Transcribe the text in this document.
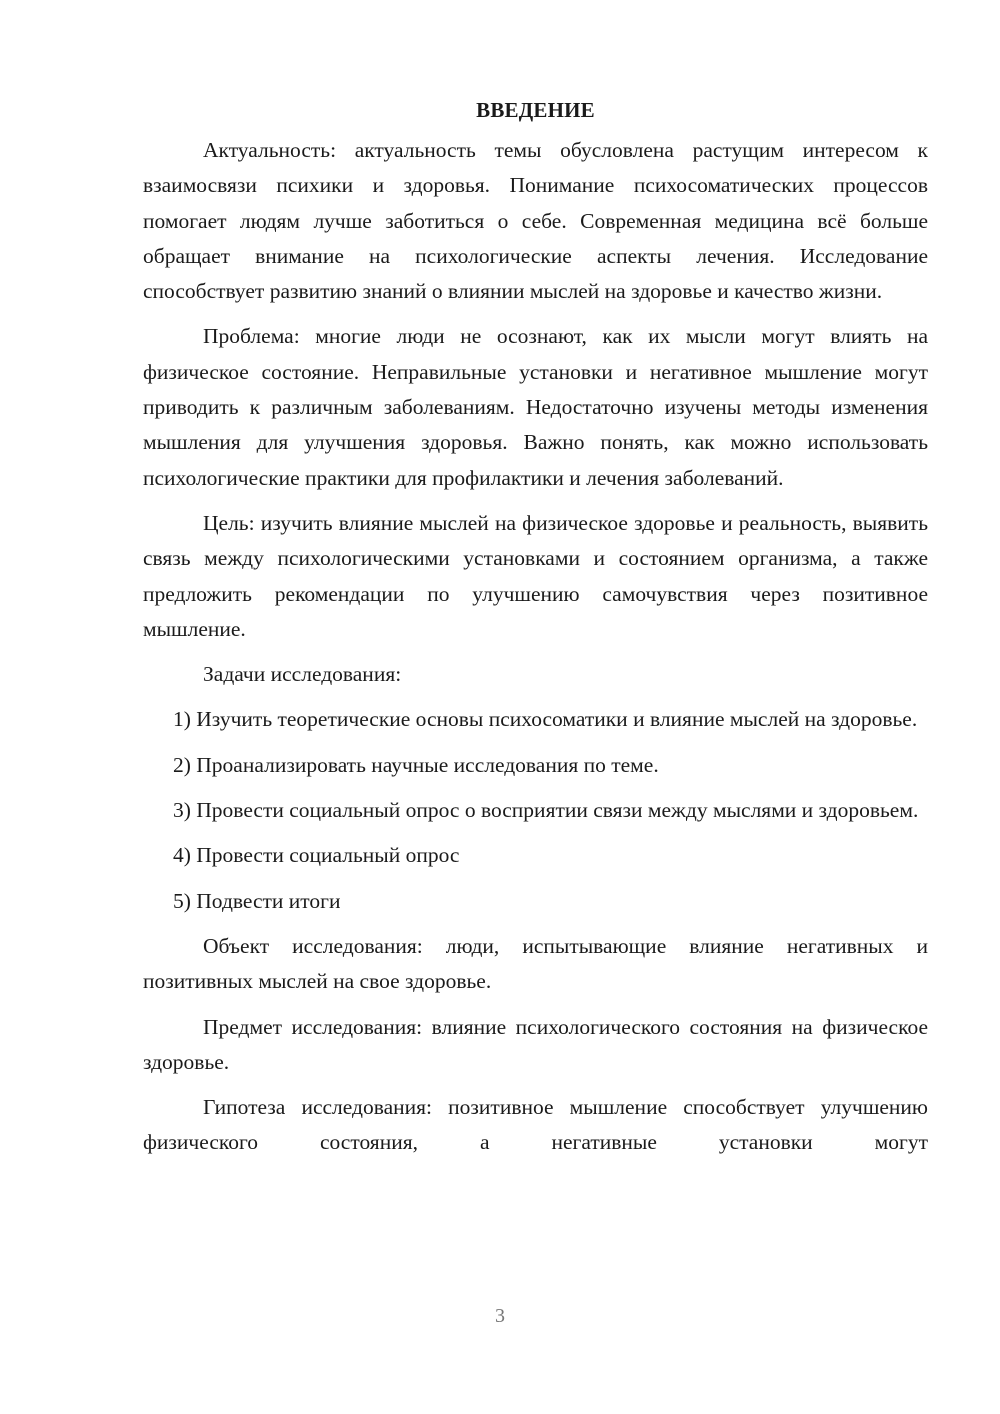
ВВЕДЕНИЕ

Актуальность: актуальность темы обусловлена растущим интересом к взаимосвязи психики и здоровья. Понимание психосоматических процессов помогает людям лучше заботиться о себе. Современная медицина всё больше обращает внимание на психологические аспекты лечения. Исследование способствует развитию знаний о влиянии мыслей на здоровье и качество жизни.

Проблема: многие люди не осознают, как их мысли могут влиять на физическое состояние. Неправильные установки и негативное мышление могут приводить к различным заболеваниям. Недостаточно изучены методы изменения мышления для улучшения здоровья. Важно понять, как можно использовать психологические практики для профилактики и лечения заболеваний.

Цель: изучить влияние мыслей на физическое здоровье и реальность, выявить связь между психологическими установками и состоянием организма, а также предложить рекомендации по улучшению самочувствия через позитивное мышление.

Задачи исследования:

1) Изучить теоретические основы психосоматики и влияние мыслей на здоровье.

2) Проанализировать научные исследования по теме.

3) Провести социальный опрос о восприятии связи между мыслями и здоровьем.

4) Провести социальный опрос

5) Подвести итоги

Объект исследования: люди, испытывающие влияние негативных и позитивных мыслей на свое здоровье.

Предмет исследования: влияние психологического состояния на физическое здоровье.

Гипотеза исследования: позитивное мышление способствует улучшению физического состояния, а негативные установки могут

3
